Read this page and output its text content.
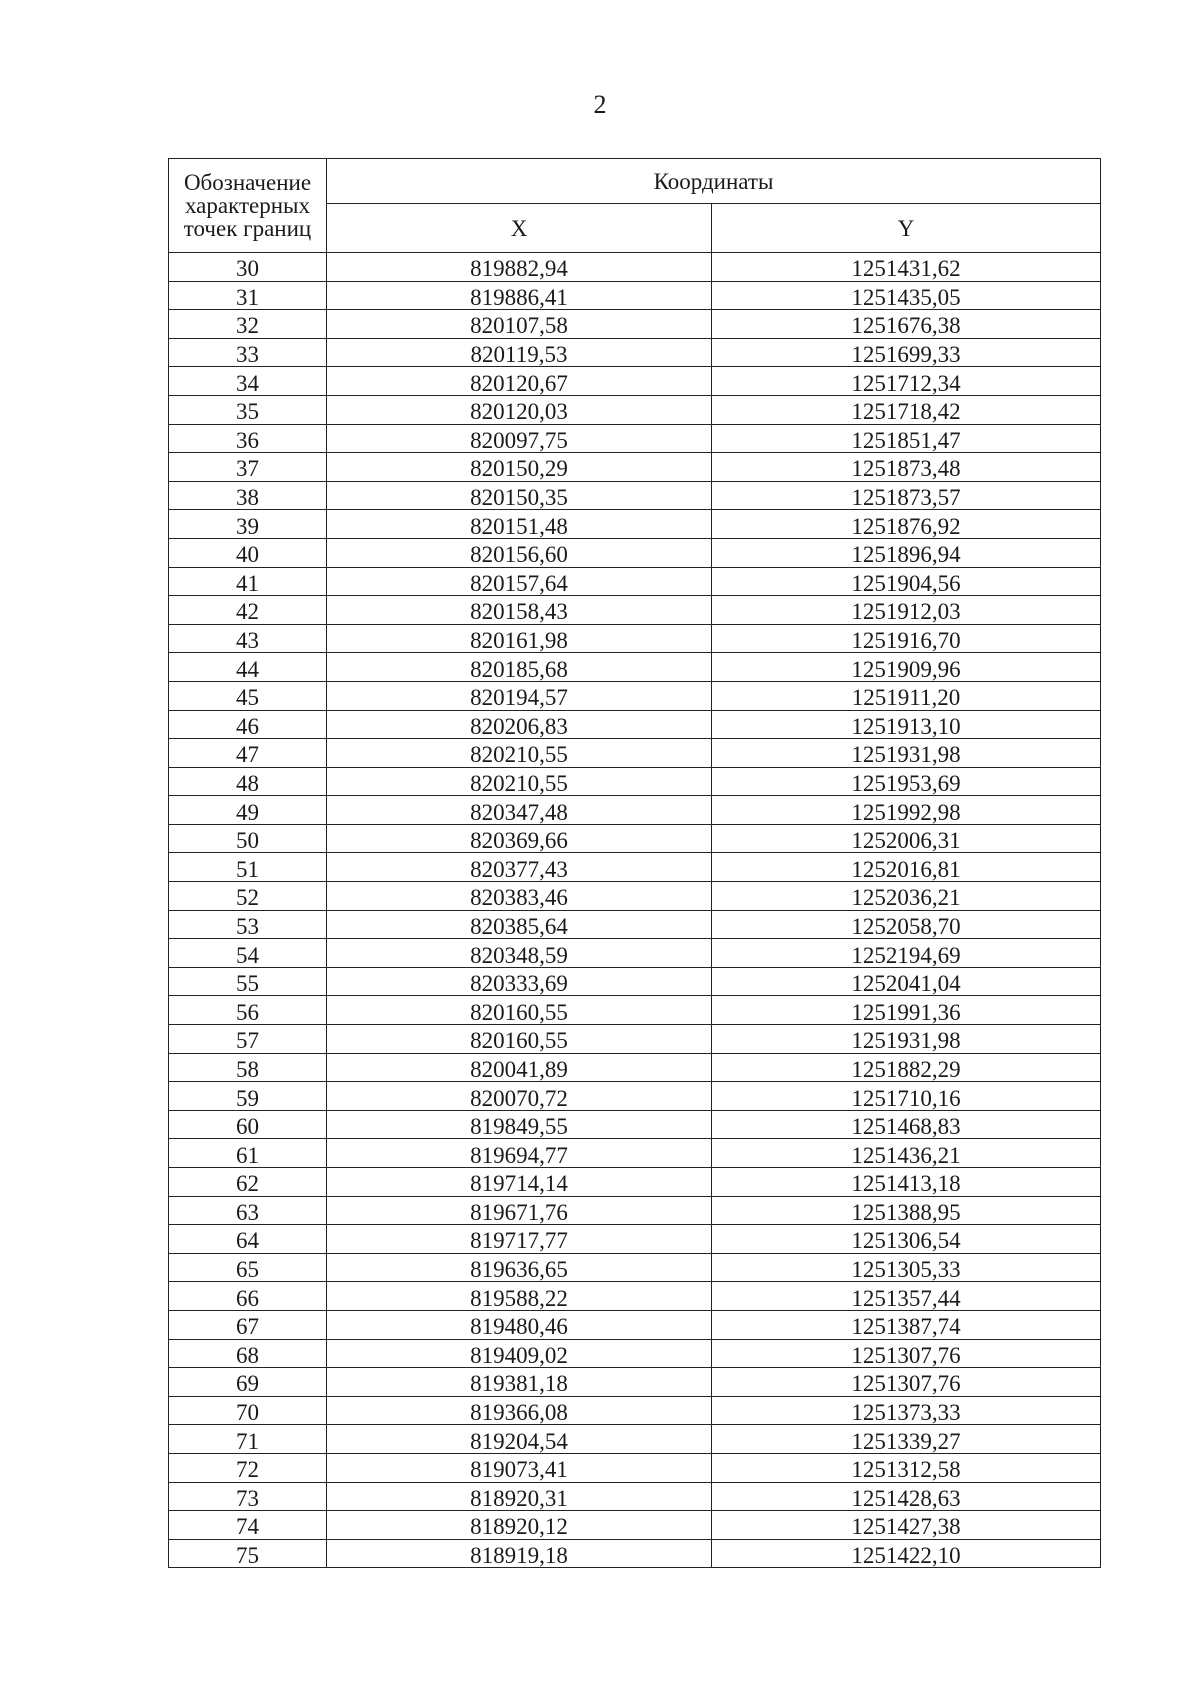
2
Обозначение характерных точек границ	Координаты	
	X	Y
30	819882,94	1251431,62
31	819886,41	1251435,05
32	820107,58	1251676,38
33	820119,53	1251699,33
34	820120,67	1251712,34
35	820120,03	1251718,42
36	820097,75	1251851,47
37	820150,29	1251873,48
38	820150,35	1251873,57
39	820151,48	1251876,92
40	820156,60	1251896,94
41	820157,64	1251904,56
42	820158,43	1251912,03
43	820161,98	1251916,70
44	820185,68	1251909,96
45	820194,57	1251911,20
46	820206,83	1251913,10
47	820210,55	1251931,98
48	820210,55	1251953,69
49	820347,48	1251992,98
50	820369,66	1252006,31
51	820377,43	1252016,81
52	820383,46	1252036,21
53	820385,64	1252058,70
54	820348,59	1252194,69
55	820333,69	1252041,04
56	820160,55	1251991,36
57	820160,55	1251931,98
58	820041,89	1251882,29
59	820070,72	1251710,16
60	819849,55	1251468,83
61	819694,77	1251436,21
62	819714,14	1251413,18
63	819671,76	1251388,95
64	819717,77	1251306,54
65	819636,65	1251305,33
66	819588,22	1251357,44
67	819480,46	1251387,74
68	819409,02	1251307,76
69	819381,18	1251307,76
70	819366,08	1251373,33
71	819204,54	1251339,27
72	819073,41	1251312,58
73	818920,31	1251428,63
74	818920,12	1251427,38
75	818919,18	1251422,10
